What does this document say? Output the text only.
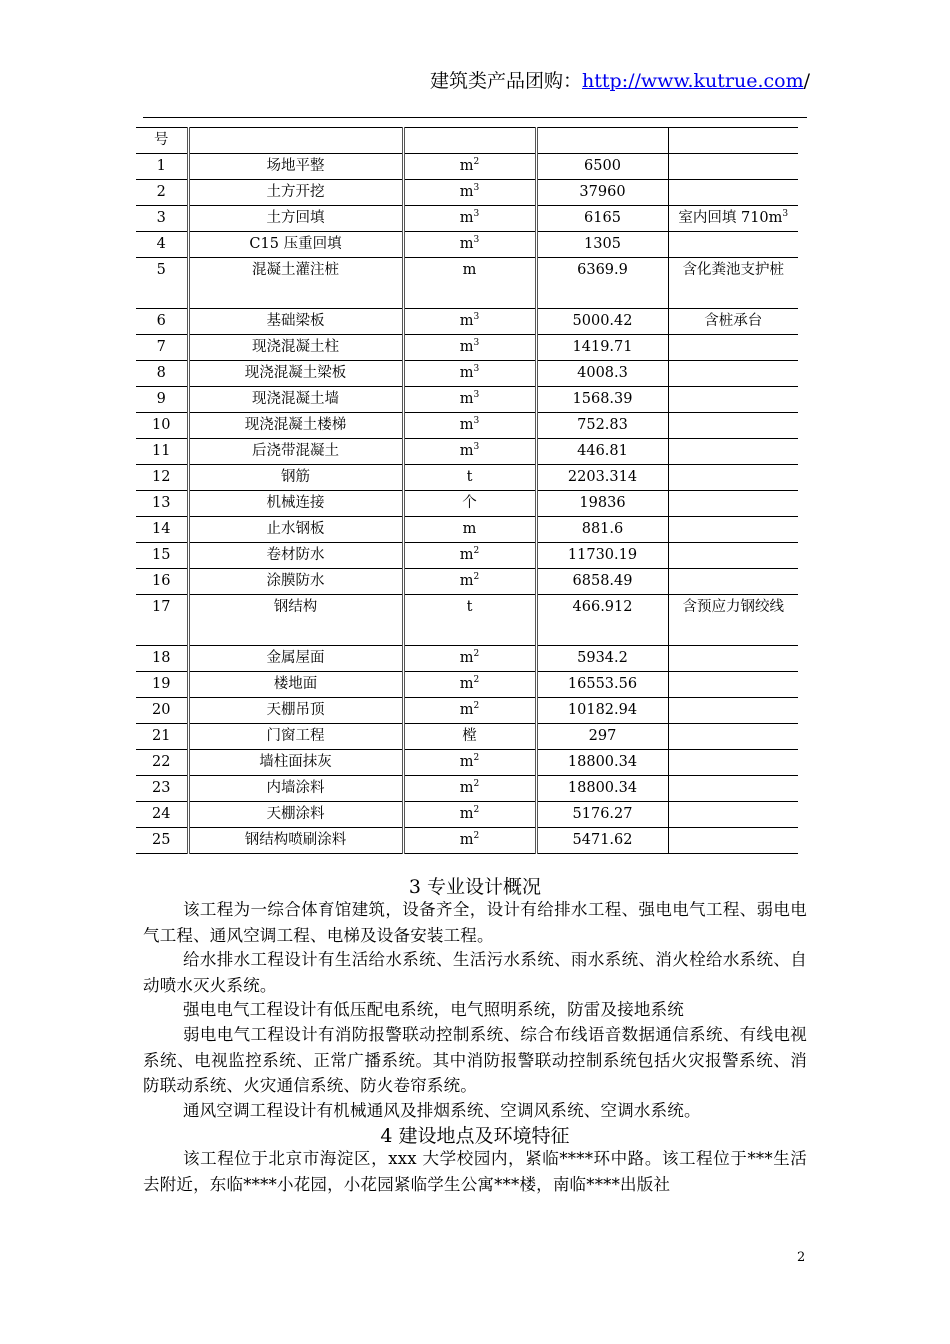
建筑类产品团购：http://www.kutrue.com/
号				
1	场地平整	$m^2$	6500	
2	土方开挖	$m^3$	37960	
3	土方回填	$m^3$	6165	室内回填 $710m^3$
4	C15 压重回填	$m^3$	1305	
5	混凝土灌注桩	m	6369.9	含化粪池支护桩
6	基础梁板	$m^3$	5000.42	含桩承台
7	现浇混凝土柱	$m^3$	1419.71	
8	现浇混凝土梁板	$m^3$	4008.3	
9	现浇混凝土墙	$m^3$	1568.39	
10	现浇混凝土楼梯	$m^3$	752.83	
11	后浇带混凝土	$m^3$	446.81	
12	钢筋	t	2203.314	
13	机械连接	个	19836	
14	止水钢板	m	881.6	
15	卷材防水	$m^2$	11730.19	
16	涂膜防水	$m^2$	6858.49	
17	钢结构	t	466.912	含预应力钢绞线
18	金属屋面	$m^2$	5934.2	
19	楼地面	$m^2$	16553.56	
20	天棚吊顶	$m^2$	10182.94	
21	门窗工程	樘	297	
22	墙柱面抹灰	$m^2$	18800.34	
23	内墙涂料	$m^2$	18800.34	
24	天棚涂料	$m^2$	5176.27	
25	钢结构喷刷涂料	$m^2$	5471.62	
3 专业设计概况
该工程为一综合体育馆建筑，设备齐全，设计有给排水工程、强电电气工程、弱电电气工程、通风空调工程、电梯及设备安装工程。
给水排水工程设计有生活给水系统、生活污水系统、雨水系统、消火栓给水系统、自动喷水灭火系统。
强电电气工程设计有低压配电系统，电气照明系统，防雷及接地系统
弱电电气工程设计有消防报警联动控制系统、综合布线语音数据通信系统、有线电视系统、电视监控系统、正常广播系统。其中消防报警联动控制系统包括火灾报警系统、消防联动系统、火灾通信系统、防火卷帘系统。
通风空调工程设计有机械通风及排烟系统、空调风系统、空调水系统。
4 建设地点及环境特征
该工程位于北京市海淀区，xxx 大学校园内，紧临****环中路。该工程位于***生活去附近，东临****小花园，小花园紧临学生公寓***楼，南临****出版社
2
